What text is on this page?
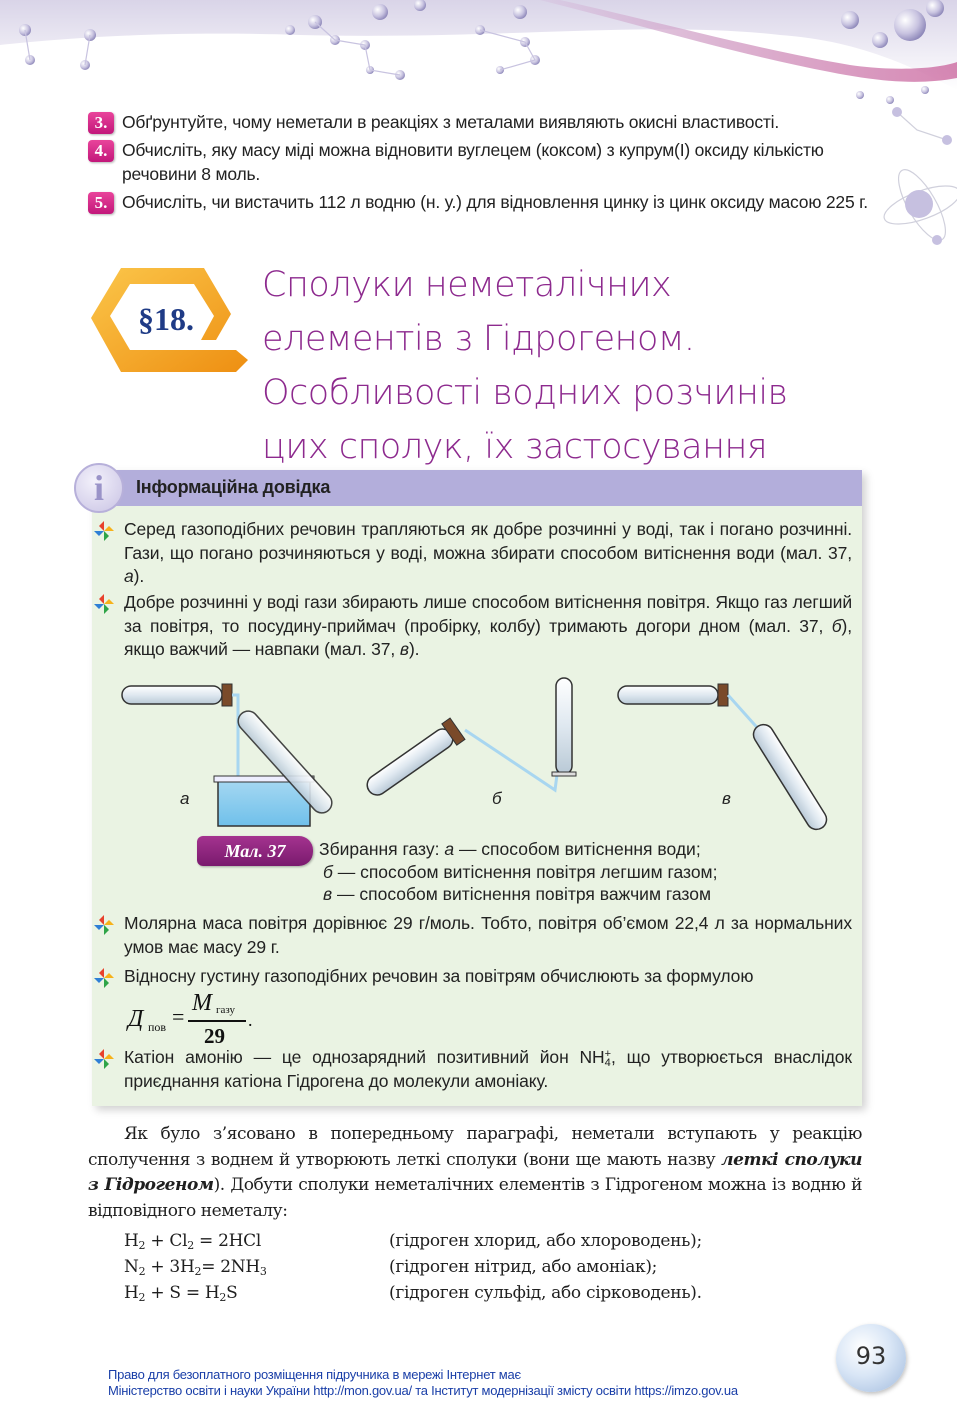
3. Обґрунтуйте, чому неметали в реакціях з металами виявляють окисні властивості.
4. Обчисліть, яку масу міді можна відновити вуглецем (коксом) з купрум(I) оксиду кількістю речовини 8 моль.
5. Обчисліть, чи вистачить 112 л водню (н. у.) для відновлення цинку із цинк оксиду масою 225 г.
§18.
Сполуки неметалічних
елементів з Гідрогеном.
Особливості водних розчинів
цих сполук, їх застосування
i	Інформаційна довідка
Серед газоподібних речовин трапляються як добре розчинні у воді, так і погано розчинні. Гази, що погано розчиняються у воді, можна збирати способом витіснення води (мал. 37, а).
Добре розчинні у воді гази збирають лише способом витіснення повітря. Якщо газ легший за повітря, то посудину-приймач (пробірку, колбу) тримають догори дном (мал. 37, б), якщо важчий — навпаки (мал. 37, в).
Молярна маса повітря дорівнює 29 г/моль. Тобто, повітря об’ємом 22,4 л за нормальних умов має масу 29 г.
Відносну густину газоподібних речовин за повітрям обчислюють за формулою
Катіон амонію — це однозарядний позитивний йон $NH_4^+$, що утворюється внаслідок приєднання катіона Гідрогена до молекули амоніаку.
а	б	в
Мал. 37	Збирання газу: а — способом витіснення води;
б — способом витіснення повітря легшим газом;
в — способом витіснення повітря важчим газом
Д пов =
M газу
29
.
Як було з’ясовано в попередньому параграфі, неметали вступають у реакцію сполучення з воднем й утворюють леткі сполуки (вони ще мають назву леткі сполуки з Гідрогеном). Добути сполуки неметалічних елементів з Гідрогеном можна із водню й відповідного неметалу:
$H_2 + Cl_2 = 2HCl$	(гідроген хлорид, або хлороводень);
$N_2 + 3H_2= 2NH_3$	(гідроген нітрид, або амоніак);
$H_2 + S = H_2S$	(гідроген сульфід, або сірководень).
Право для безоплатного розміщення підручника в мережі Інтернет має
Міністерство освіти і науки України http://mon.gov.ua/ та Інститут модернізації змісту освіти https://imzo.gov.ua
93
